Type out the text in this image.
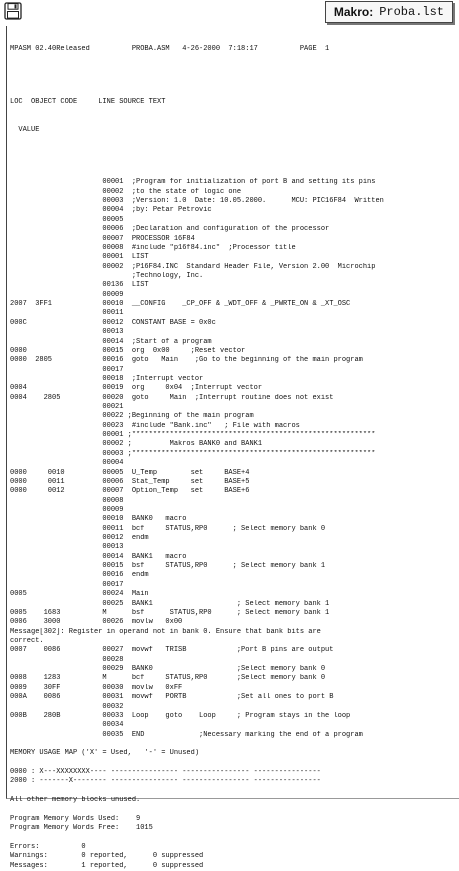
Makro: Proba.lst

MPASM 02.40Released          PROBA.ASM   4-26-2000  7:18:17          PAGE  1

LOC  OBJECT CODE     LINE SOURCE TEXT

VALUE

00001  ;Program for initialization of port B and setting its pins
00002  ;to the state of logic one
00003  ;Version: 1.0  Date: 10.05.2000.      MCU: PIC16F84  Written
00004  ;by: Petar Petrovic
00005
00006  ;Declaration and configuration of the processor
00007  PROCESSOR 16F84
00008  #include "p16f84.inc"  ;Processor title
00001  LIST
00002  ;P16F84.INC  Standard Header File, Version 2.00  Microchip
;Technology, Inc.
00136  LIST
00009
2007  3FF1            00010  __CONFIG    _CP_OFF & _WDT_OFF & _PWRTE_ON & _XT_OSC
00011
000C                  00012  CONSTANT BASE = 0x0c
00013
00014  ;Start of a program
0000                  00015  org  0x00     ;Reset vector
0000  2805            00016  goto   Main    ;Go to the beginning of the main program
00017
00018  ;Interrupt vector
0004                  00019  org     0x04  ;Interrupt vector
0004    2805          00020  goto     Main  ;Interrupt routine does not exist
00021
00022 ;Beginning of the main program
00023  #include "Bank.inc"   ; File with macros
00001 ;**********************************************************
00002 ;         Makros BANK0 and BANK1
00003 ;**********************************************************
00004
0000     0010         00005  U_Temp        set     BASE+4
0000     0011         00006  Stat_Temp     set     BASE+5
0000     0012         00007  Option_Temp   set     BASE+6
00008
00009
00010  BANK0   macro
00011  bcf     STATUS,RP0      ; Select memory bank 0
00012  endm
00013
00014  BANK1   macro
00015  bsf     STATUS,RP0      ; Select memory bank 1
00016  endm
00017
0005                  00024  Main
00025  BANK1                    ; Select memory bank 1
0005    1683          M      bsf      STATUS,RP0      ; Select memory bank 1
0006    3000          00026  movlw   0x00
Message[302]: Register in operand not in bank 0. Ensure that bank bits are
correct.
0007    0086          00027  movwf   TRISB            ;Port B pins are output
00028
00029  BANK0                    ;Select memory bank 0
0008    1283          M      bcf     STATUS,RP0       ;Select memory bank 0
0009    30FF          00030  movlw   0xFF
000A    0086          00031  movwf   PORTB            ;Set all ones to port B
00032
000B    280B          00033  Loop    goto    Loop     ; Program stays in the loop
00034
00035  END             ;Necessary marking the end of a program
MEMORY USAGE MAP ('X' = Used,   '-' = Unused)
0000 : X---XXXXXXXX---- ---------------- ---------------- ----------------
2000 : -------X-------- ---------------- ---------------- ----------------
All other memory blocks unused.
Program Memory Words Used:    9
Program Memory Words Free:    1015
Errors:          0
Warnings:        0 reported,      0 suppressed
Messages:        1 reported,      0 suppressed
